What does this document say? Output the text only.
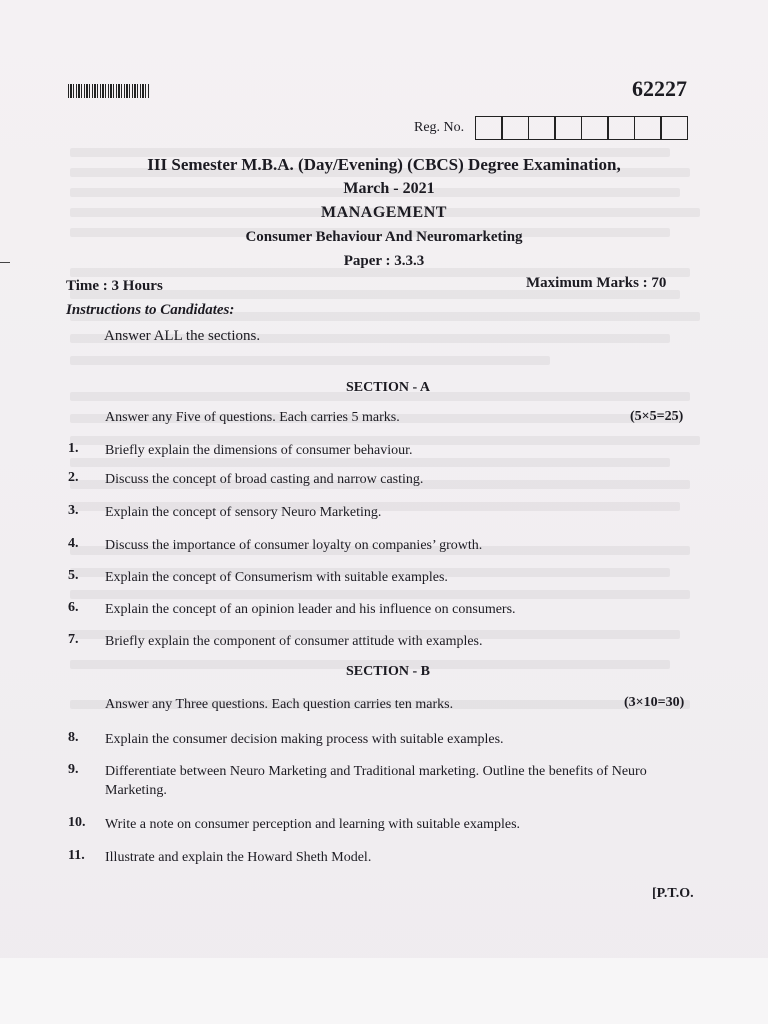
62227
Reg. No.
III Semester M.B.A. (Day/Evening) (CBCS) Degree Examination,
March - 2021
MANAGEMENT
Consumer Behaviour And Neuromarketing
Paper : 3.3.3
Time : 3 Hours	Maximum Marks : 70
Instructions to Candidates:
Answer ALL the sections.
SECTION - A
Answer any Five of questions. Each carries 5 marks.	(5×5=25)
1. Briefly explain the dimensions of consumer behaviour.
2. Discuss the concept of broad casting and narrow casting.
3. Explain the concept of sensory Neuro Marketing.
4. Discuss the importance of consumer loyalty on companies’ growth.
5. Explain the concept of Consumerism with suitable examples.
6. Explain the concept of an opinion leader and his influence on consumers.
7. Briefly explain the component of consumer attitude with examples.
SECTION - B
Answer any Three questions. Each question carries ten marks.	(3×10=30)
8. Explain the consumer decision making process with suitable examples.
9. Differentiate between Neuro Marketing and Traditional marketing. Outline the benefits of Neuro Marketing.
10. Write a note on consumer perception and learning with suitable examples.
11. Illustrate and explain the Howard Sheth Model.
[P.T.O.
